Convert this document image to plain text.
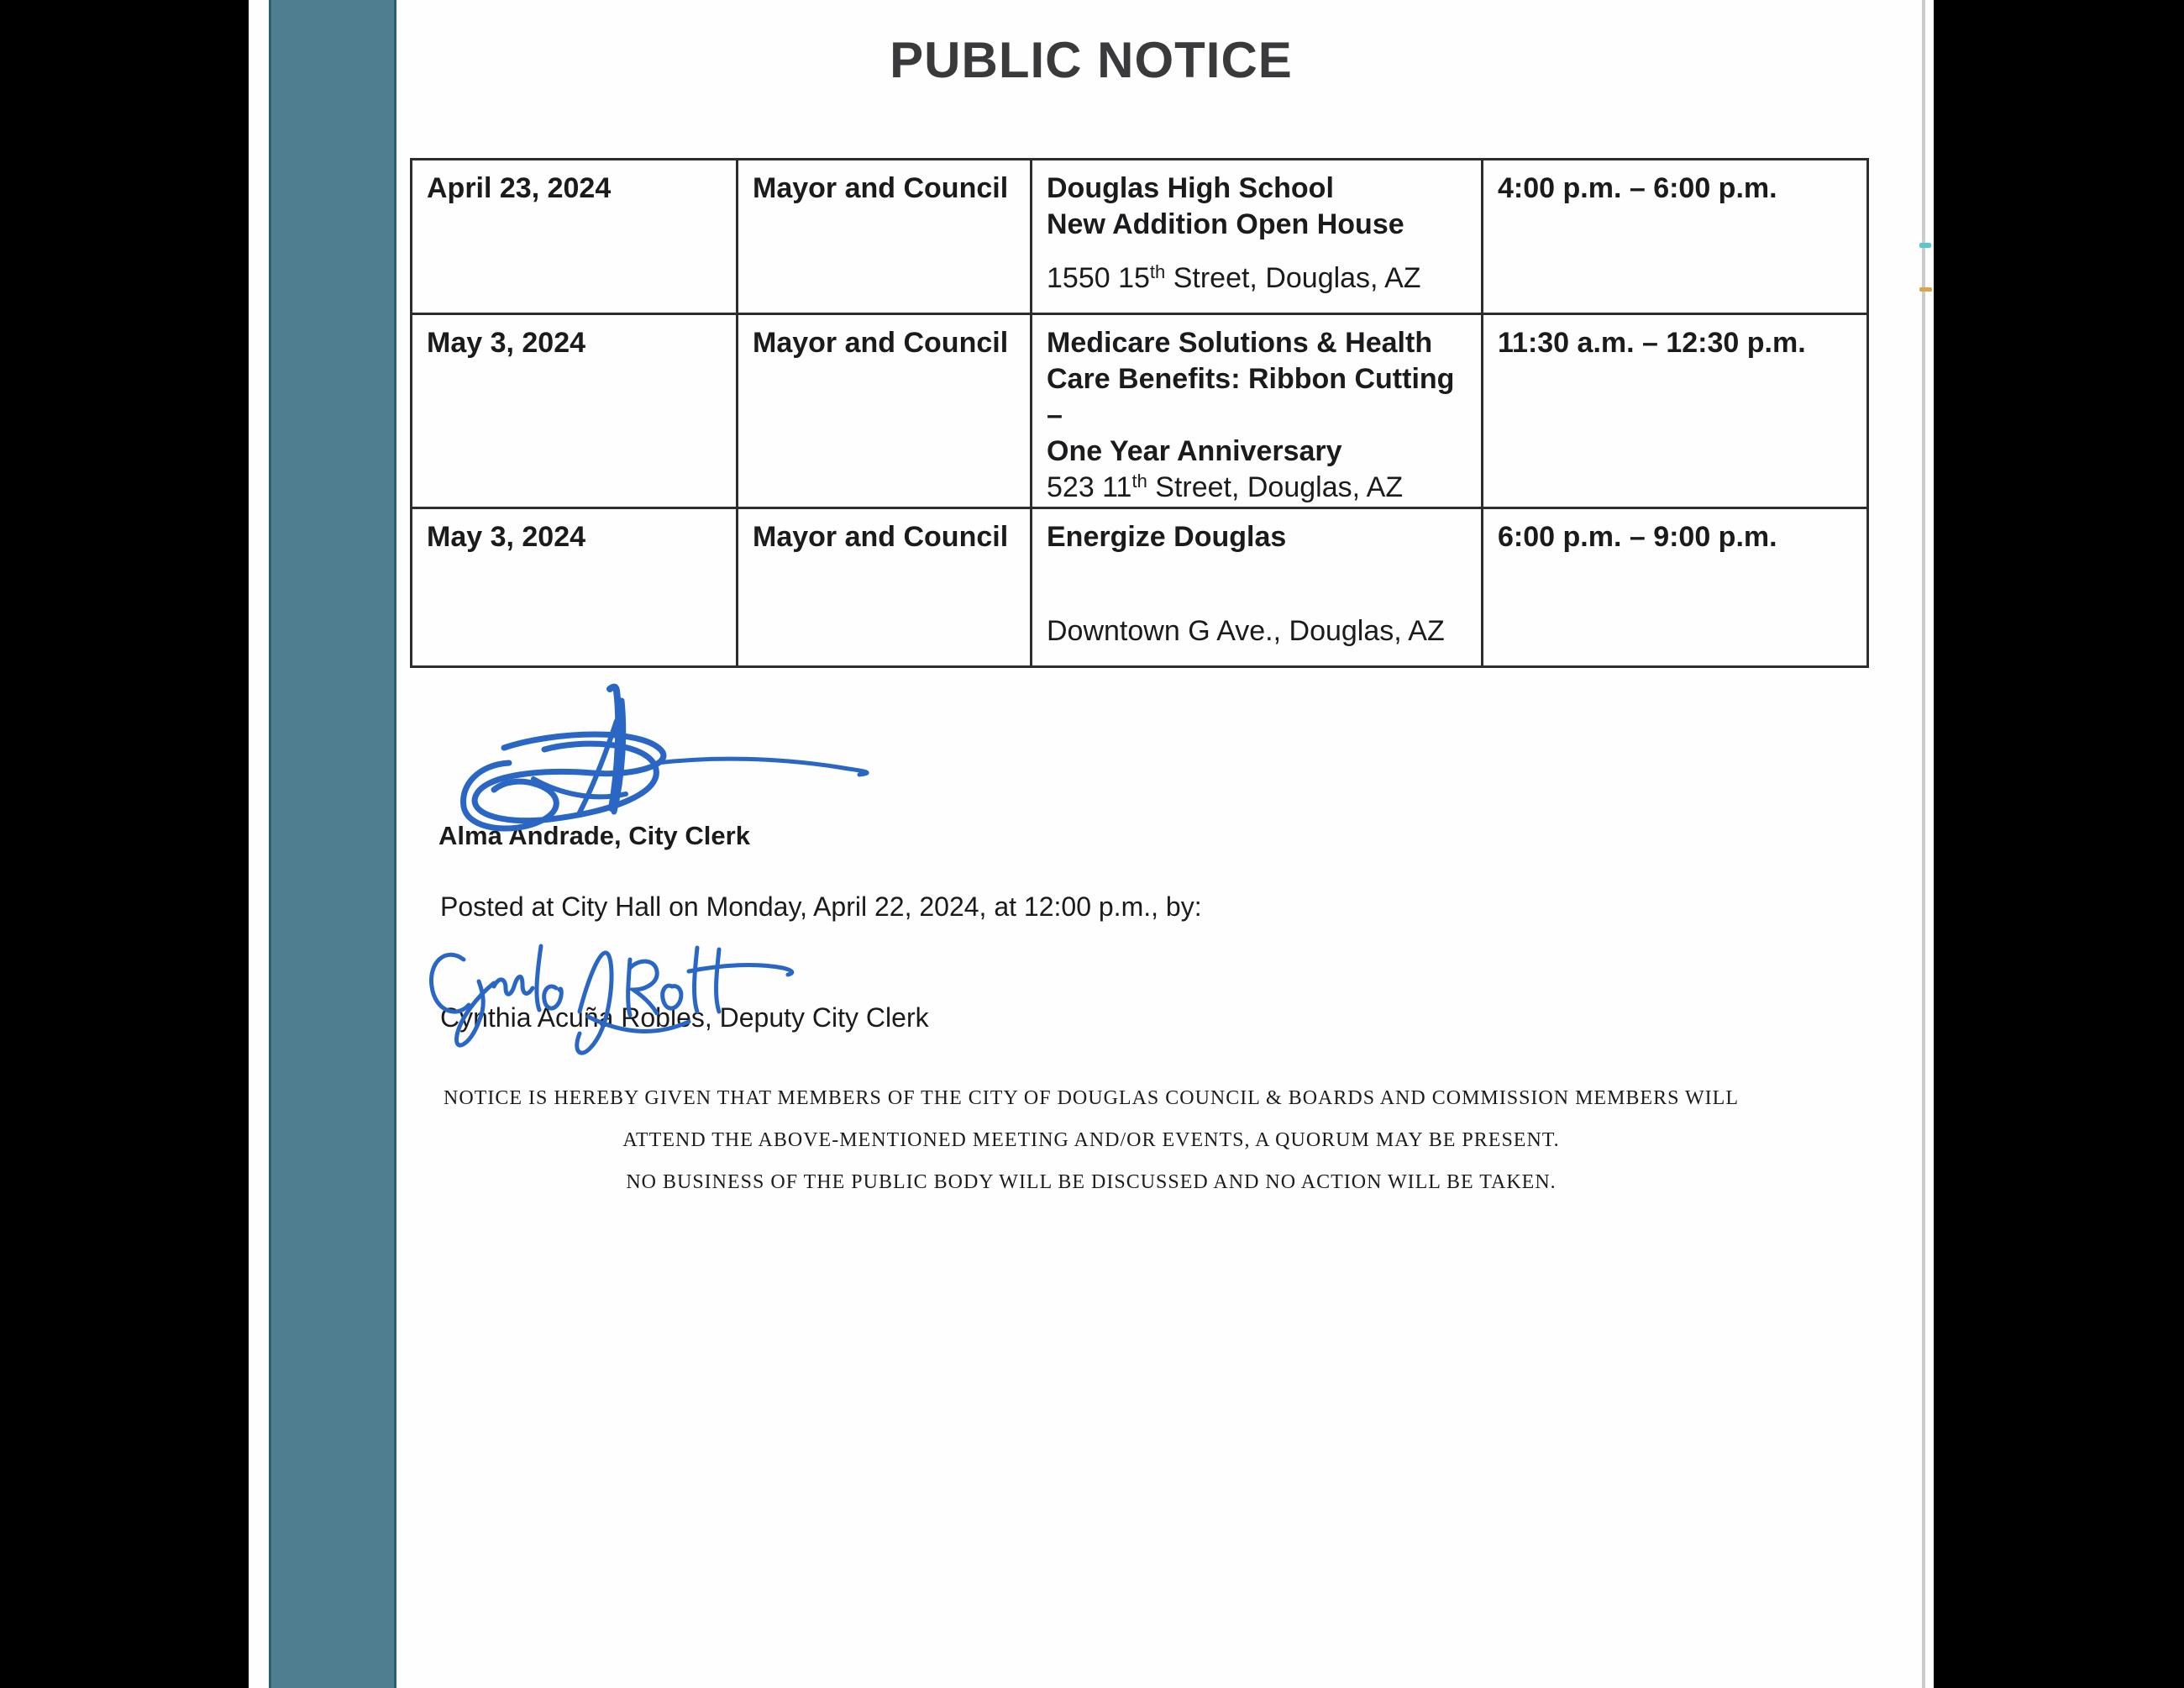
PUBLIC NOTICE
April 23, 2024	Mayor and Council	Douglas High School
New Addition Open House
1550 15th Street, Douglas, AZ	4:00 p.m. – 6:00 p.m.
May 3, 2024	Mayor and Council	Medicare Solutions & Health
Care Benefits: Ribbon Cutting –
One Year Anniversary
523 11th Street, Douglas, AZ	11:30 a.m. – 12:30 p.m.
May 3, 2024	Mayor and Council	Energize Douglas
Downtown G Ave., Douglas, AZ	6:00 p.m. – 9:00 p.m.
Alma Andrade, City Clerk
Posted at City Hall on Monday, April 22, 2024, at 12:00 p.m., by:
Cynthia Acuña Robles, Deputy City Clerk

NOTICE IS HEREBY GIVEN THAT MEMBERS OF THE CITY OF DOUGLAS COUNCIL & BOARDS AND COMMISSION MEMBERS WILL

ATTEND THE ABOVE-MENTIONED MEETING AND/OR EVENTS, A QUORUM MAY BE PRESENT.

NO BUSINESS OF THE PUBLIC BODY WILL BE DISCUSSED AND NO ACTION WILL BE TAKEN.
